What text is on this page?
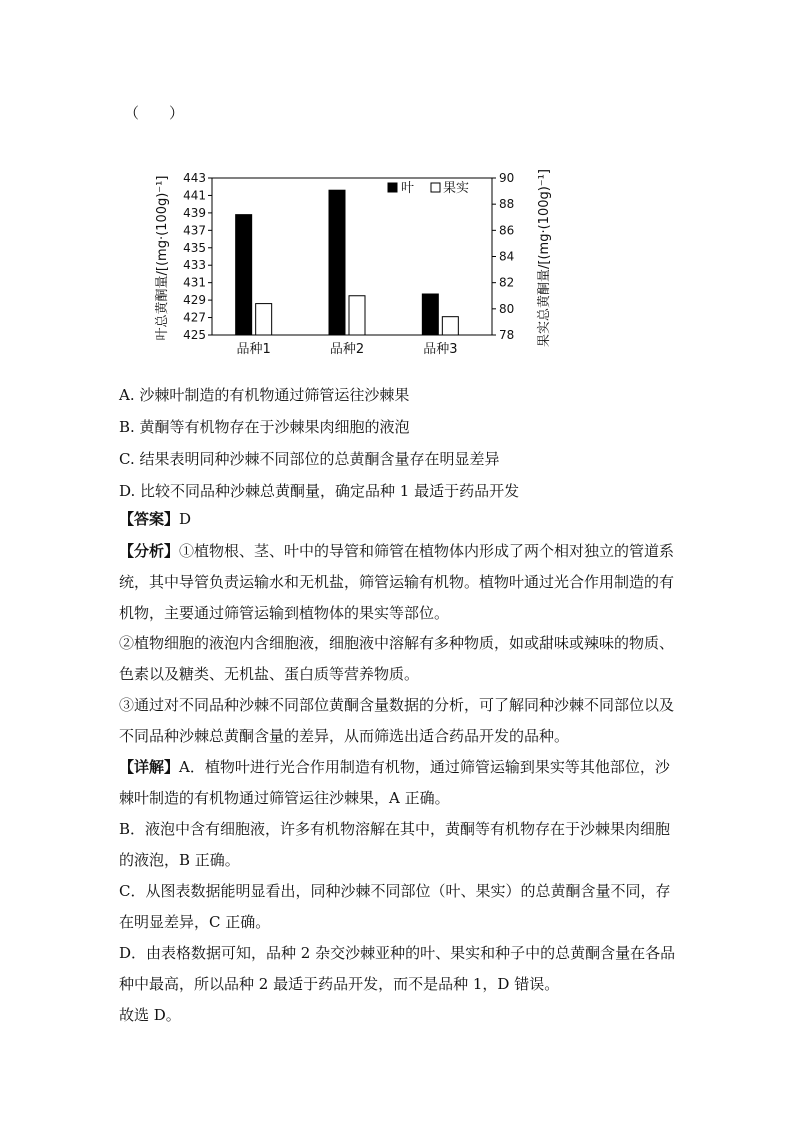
（　　）
425
427
429
431
433
435
437
439
441
443
78
80
82
84
86
88
90
品种1	品种2	品种3
叶总黄酮量/[(mg·(100g)⁻¹]	果实总黄酮量/[(mg·(100g)⁻¹]
叶 果实
A. 沙棘叶制造的有机物通过筛管运往沙棘果
B. 黄酮等有机物存在于沙棘果肉细胞的液泡
C. 结果表明同种沙棘不同部位的总黄酮含量存在明显差异
D. 比较不同品种沙棘总黄酮量，确定品种 1 最适于药品开发
【答案】D
【分析】①植物根、茎、叶中的导管和筛管在植物体内形成了两个相对独立的管道系统，其中导管负责运输水和无机盐，筛管运输有机物。植物叶通过光合作用制造的有机物，主要通过筛管运输到植物体的果实等部位。
②植物细胞的液泡内含细胞液，细胞液中溶解有多种物质，如或甜味或辣味的物质、色素以及糖类、无机盐、蛋白质等营养物质。
③通过对不同品种沙棘不同部位黄酮含量数据的分析，可了解同种沙棘不同部位以及不同品种沙棘总黄酮含量的差异，从而筛选出适合药品开发的品种。
【详解】A．植物叶进行光合作用制造有机物，通过筛管运输到果实等其他部位，沙棘叶制造的有机物通过筛管运往沙棘果，A 正确。
B．液泡中含有细胞液，许多有机物溶解在其中，黄酮等有机物存在于沙棘果肉细胞的液泡，B 正确。
C．从图表数据能明显看出，同种沙棘不同部位（叶、果实）的总黄酮含量不同，存在明显差异，C 正确。
D．由表格数据可知，品种 2 杂交沙棘亚种的叶、果实和种子中的总黄酮含量在各品种中最高，所以品种 2 最适于药品开发，而不是品种 1，D 错误。
故选 D。
